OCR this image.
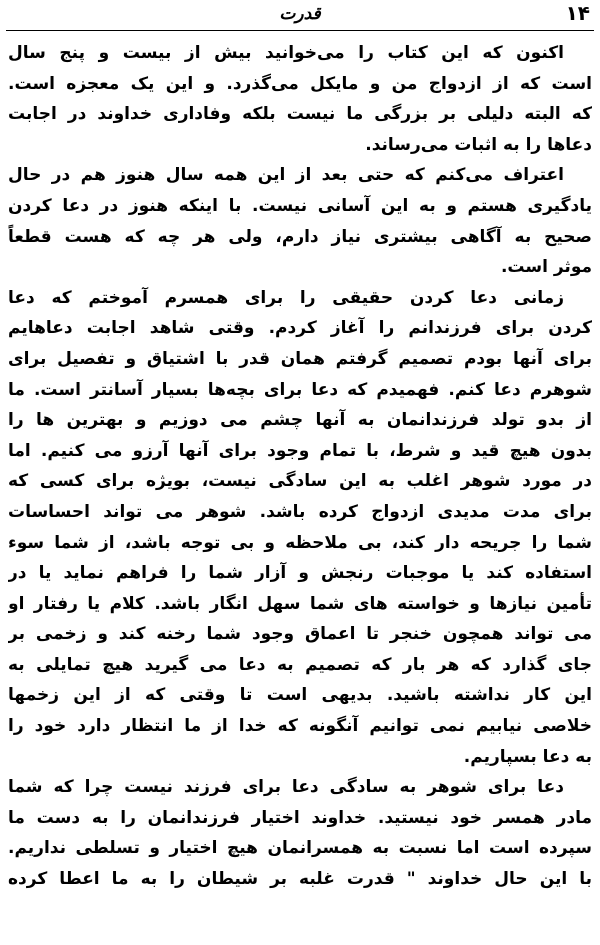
قدرت	۱۴
اکنون که این کتاب را می‌خوانید بیش از بیست و پنج سال
است که از ازدواج من و مایکل می‌گذرد. و این یک معجزه است.
که البته دلیلی بر بزرگی ما نیست بلکه وفاداری خداوند در اجابت
دعاها را به اثبات می‌رساند.
اعتراف می‌کنم که حتی بعد از این همه سال هنوز هم در حال
یادگیری هستم و به این آسانی نیست. با اینکه هنوز در دعا کردن
صحیح به آگاهی بیشتری نیاز دارم، ولی هر چه که هست قطعاً
موثر است.
زمانی دعا کردن حقیقی را برای همسرم آموختم که دعا
کردن برای فرزندانم را آغاز کردم. وقتی شاهد اجابت دعاهایم
برای آنها بودم تصمیم گرفتم همان قدر با اشتیاق و تفصیل برای
شوهرم دعا کنم. فهمیدم که دعا برای بچه‌ها بسیار آسانتر است. ما
از بدو تولد فرزندانمان به آنها چشم می دوزیم و بهترین ها را
بدون هیچ قید و شرط، با تمام وجود برای آنها آرزو می کنیم. اما
در مورد شوهر اغلب به این سادگی نیست، بویژه برای کسی که
برای مدت مدیدی ازدواج کرده باشد. شوهر می تواند احساسات
شما را جریحه دار کند، بی ملاحظه و بی توجه باشد، از شما سوء
استفاده کند یا موجبات رنجش و آزار شما را فراهم نماید یا در
تأمین نیازها و خواسته های شما سهل انگار باشد. کلام یا رفتار او
می تواند همچون خنجر تا اعماق وجود شما رخنه کند و زخمی بر
جای گذارد که هر بار که تصمیم به دعا می گیرید هیچ تمایلی به
این کار نداشته باشید. بدیهی است تا وقتی که از این زخمها
خلاصی نیابیم نمی توانیم آنگونه که خدا از ما انتظار دارد خود را
به دعا بسپاریم.
دعا برای شوهر به سادگی دعا برای فرزند نیست چرا که شما
مادر همسر خود نیستید. خداوند اختیار فرزندانمان را به دست ما
سپرده است اما نسبت به همسرانمان هیچ اختیار و تسلطی نداریم.
با این حال خداوند " قدرت غلبه بر شیطان را به ما اعطا کرده
